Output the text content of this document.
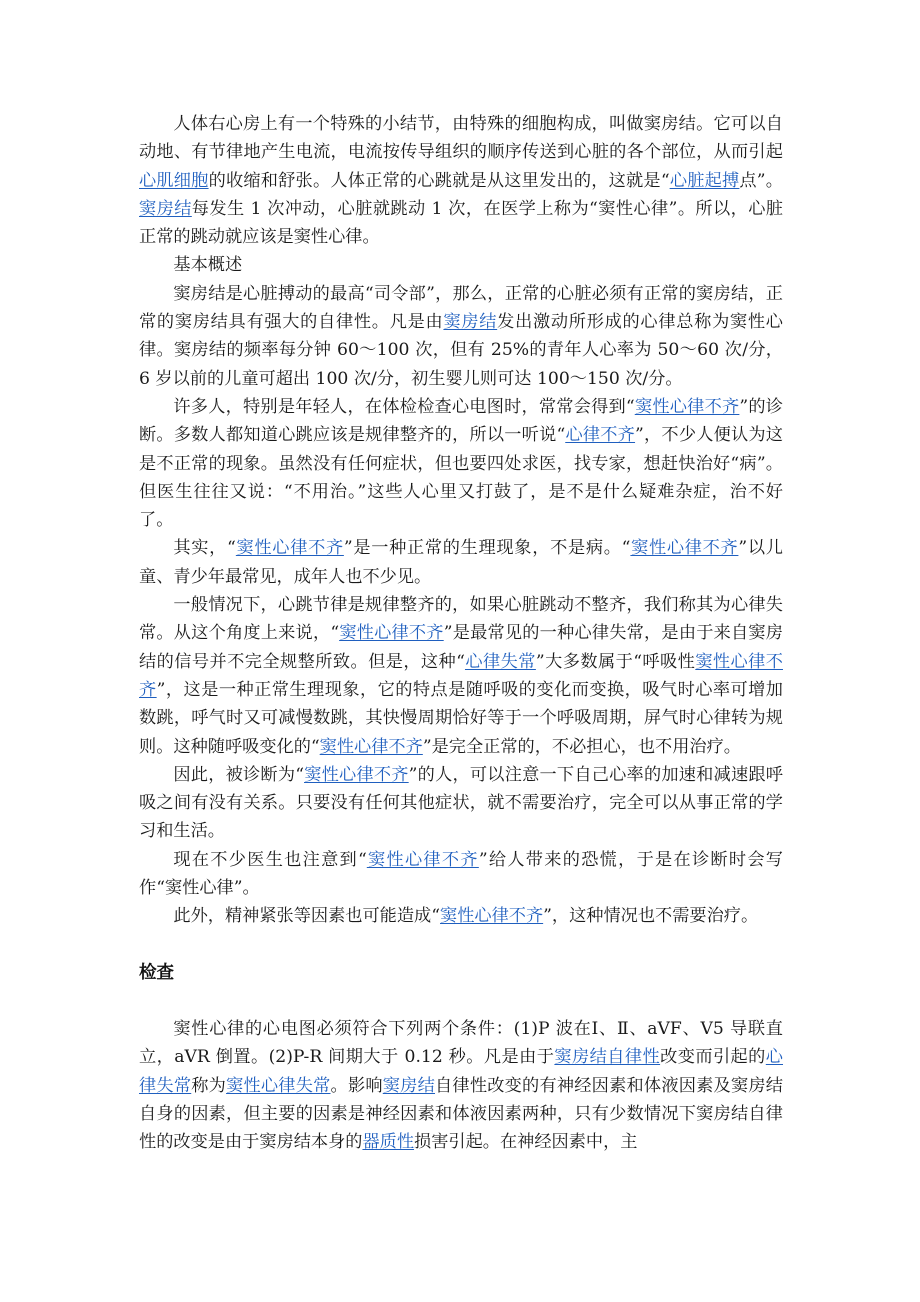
人体右心房上有一个特殊的小结节，由特殊的细胞构成，叫做窦房结。它可以自动地、有节律地产生电流，电流按传导组织的顺序传送到心脏的各个部位，从而引起心肌细胞的收缩和舒张。人体正常的心跳就是从这里发出的，这就是“心脏起搏点”。窦房结每发生 1 次冲动，心脏就跳动 1 次，在医学上称为“窦性心律”。所以，心脏正常的跳动就应该是窦性心律。

基本概述

窦房结是心脏搏动的最高“司令部”，那么，正常的心脏必须有正常的窦房结，正常的窦房结具有强大的自律性。凡是由窦房结发出激动所形成的心律总称为窦性心律。窦房结的频率每分钟 60～100 次，但有 25%的青年人心率为 50～60 次/分，6 岁以前的儿童可超出 100 次/分，初生婴儿则可达 100～150 次/分。

许多人，特别是年轻人，在体检检查心电图时，常常会得到“窦性心律不齐”的诊断。多数人都知道心跳应该是规律整齐的，所以一听说“心律不齐”，不少人便认为这是不正常的现象。虽然没有任何症状，但也要四处求医，找专家，想赶快治好“病”。但医生往往又说：“不用治。”这些人心里又打鼓了，是不是什么疑难杂症，治不好了。

其实，“窦性心律不齐”是一种正常的生理现象，不是病。“窦性心律不齐”以儿童、青少年最常见，成年人也不少见。

一般情况下，心跳节律是规律整齐的，如果心脏跳动不整齐，我们称其为心律失常。从这个角度上来说，“窦性心律不齐”是最常见的一种心律失常，是由于来自窦房结的信号并不完全规整所致。但是，这种“心律失常”大多数属于“呼吸性窦性心律不齐”，这是一种正常生理现象，它的特点是随呼吸的变化而变换，吸气时心率可增加数跳，呼气时又可减慢数跳，其快慢周期恰好等于一个呼吸周期，屏气时心律转为规则。这种随呼吸变化的“窦性心律不齐”是完全正常的，不必担心，也不用治疗。

因此，被诊断为“窦性心律不齐”的人，可以注意一下自己心率的加速和减速跟呼吸之间有没有关系。只要没有任何其他症状，就不需要治疗，完全可以从事正常的学习和生活。

现在不少医生也注意到“窦性心律不齐”给人带来的恐慌，于是在诊断时会写作“窦性心律”。

此外，精神紧张等因素也可能造成“窦性心律不齐”，这种情况也不需要治疗。

检查

窦性心律的心电图必须符合下列两个条件：(1)P 波在Ⅰ、Ⅱ、aVF、V5 导联直立，aVR 倒置。(2)P-R 间期大于 0.12 秒。凡是由于窦房结自律性改变而引起的心律失常称为窦性心律失常。影响窦房结自律性改变的有神经因素和体液因素及窦房结自身的因素，但主要的因素是神经因素和体液因素两种，只有少数情况下窦房结自律性的改变是由于窦房结本身的器质性损害引起。在神经因素中，主
